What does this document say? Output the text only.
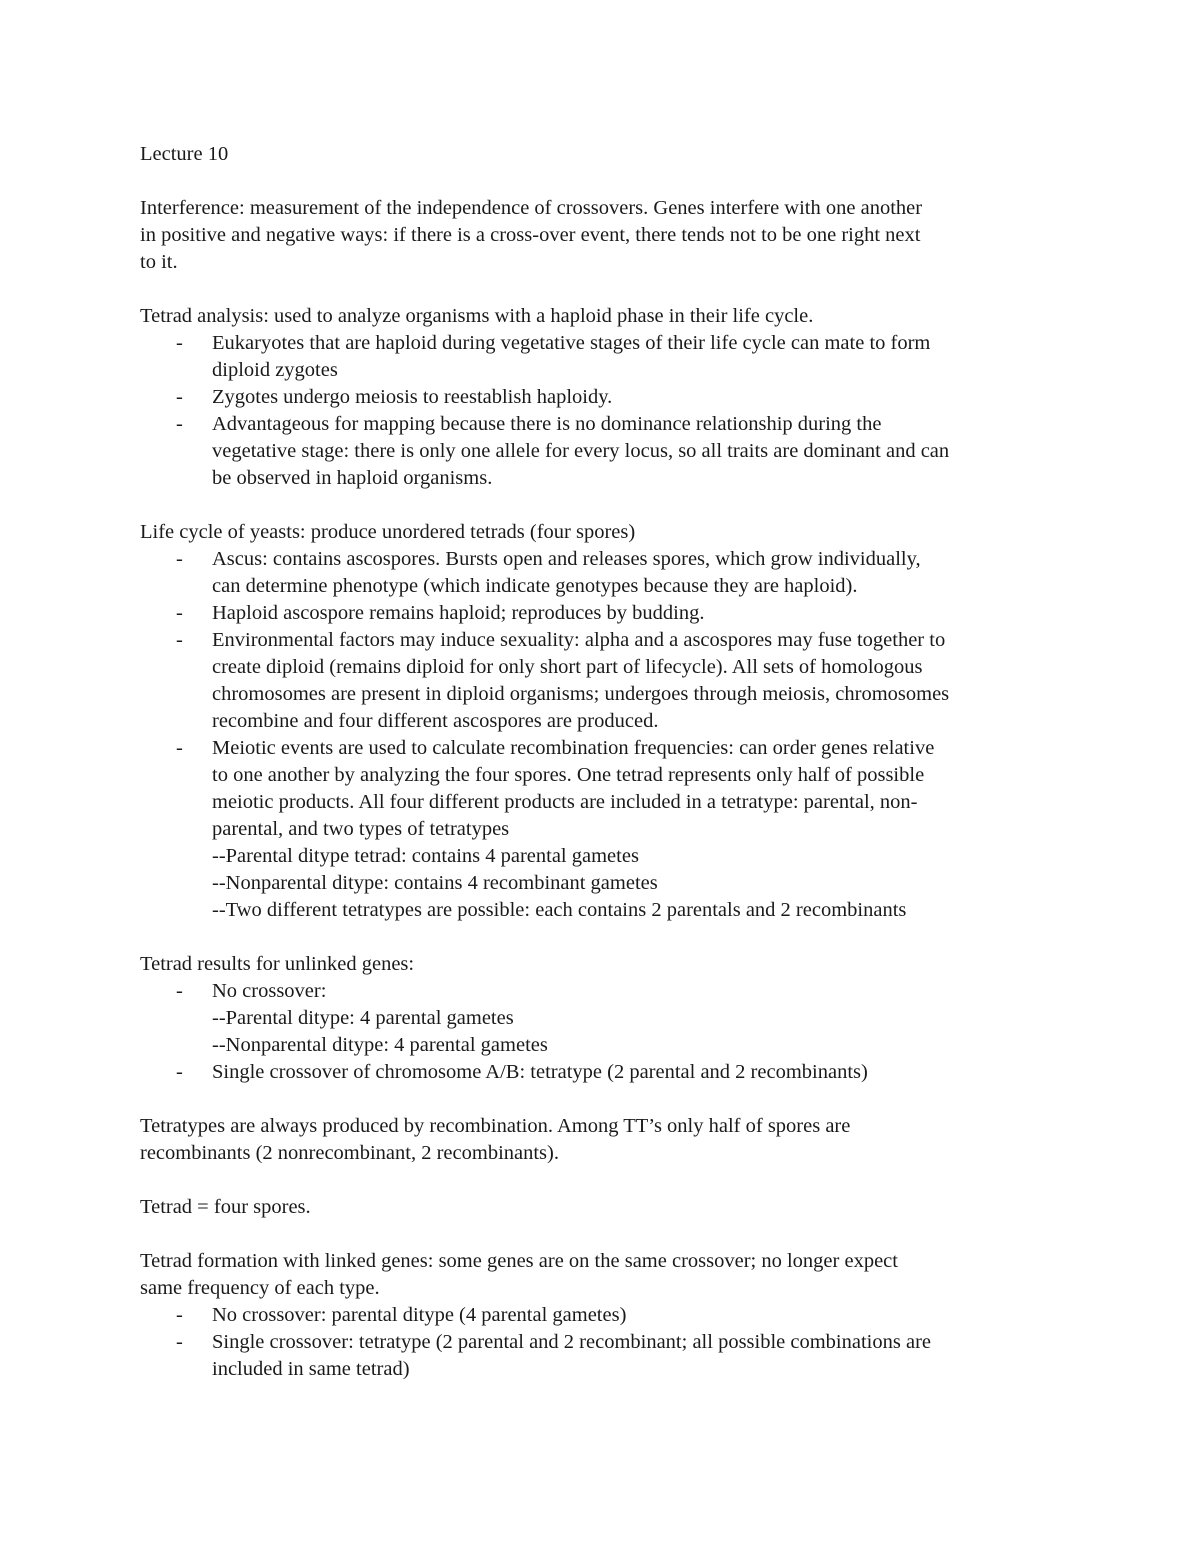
Lecture 10

Interference: measurement of the independence of crossovers. Genes interfere with one another
in positive and negative ways: if there is a cross-over event, there tends not to be one right next
to it.
Tetrad analysis: used to analyze organisms with a haploid phase in their life cycle.
- Eukaryotes that are haploid during vegetative stages of their life cycle can mate to form
diploid zygotes
- Zygotes undergo meiosis to reestablish haploidy.
- Advantageous for mapping because there is no dominance relationship during the
vegetative stage: there is only one allele for every locus, so all traits are dominant and can
be observed in haploid organisms.
Life cycle of yeasts: produce unordered tetrads (four spores)
- Ascus: contains ascospores. Bursts open and releases spores, which grow individually,
can determine phenotype (which indicate genotypes because they are haploid).
- Haploid ascospore remains haploid; reproduces by budding.
- Environmental factors may induce sexuality: alpha and a ascospores may fuse together to
create diploid (remains diploid for only short part of lifecycle). All sets of homologous
chromosomes are present in diploid organisms; undergoes through meiosis, chromosomes
recombine and four different ascospores are produced.
- Meiotic events are used to calculate recombination frequencies: can order genes relative
to one another by analyzing the four spores. One tetrad represents only half of possible
meiotic products. All four different products are included in a tetratype: parental, non-
parental, and two types of tetratypes
--Parental ditype tetrad: contains 4 parental gametes
--Nonparental ditype: contains 4 recombinant gametes
--Two different tetratypes are possible: each contains 2 parentals and 2 recombinants
Tetrad results for unlinked genes:
- No crossover:
--Parental ditype: 4 parental gametes
--Nonparental ditype: 4 parental gametes
- Single crossover of chromosome A/B: tetratype (2 parental and 2 recombinants)
Tetratypes are always produced by recombination. Among TT’s only half of spores are
recombinants (2 nonrecombinant, 2 recombinants).

Tetrad = four spores.

Tetrad formation with linked genes: some genes are on the same crossover; no longer expect
same frequency of each type.
- No crossover: parental ditype (4 parental gametes)
- Single crossover: tetratype (2 parental and 2 recombinant; all possible combinations are
included in same tetrad)
